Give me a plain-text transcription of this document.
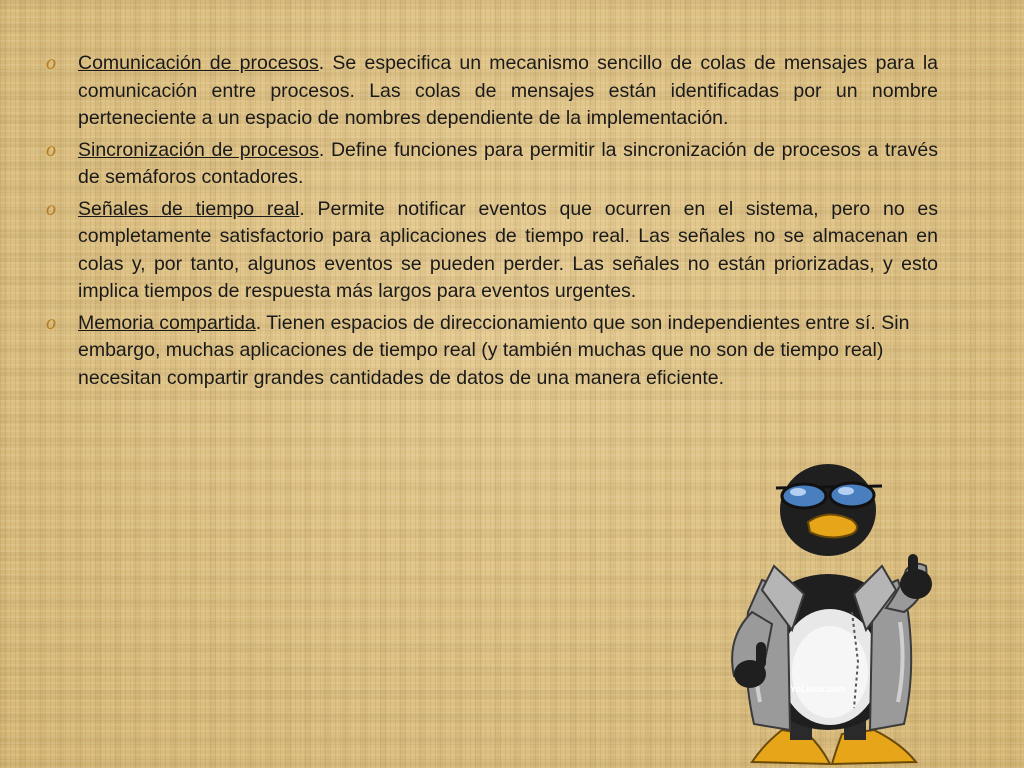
o Comunicación de procesos. Se especifica un mecanismo sencillo de colas de mensajes para la comunicación entre procesos. Las colas de mensajes están identificadas por un nombre perteneciente a un espacio de nombres dependiente de la implementación.
o Sincronización de procesos. Define funciones para permitir la sincronización de procesos a través de semáforos contadores.
o Señales de tiempo real. Permite notificar eventos que ocurren en el sistema, pero no es completamente satisfactorio para aplicaciones de tiempo real. Las señales no se almacenan en colas y, por tanto, algunos eventos se pueden perder. Las señales no están priorizadas, y esto implica tiempos de respuesta más largos para eventos urgentes.
o Memoria compartida. Tienen espacios de direccionamiento que son independientes entre sí. Sin embargo, muchas aplicaciones de tiempo real (y también muchas que no son de tiempo real) necesitan compartir grandes cantidades de datos de una manera eficiente.
YoLinux.com
